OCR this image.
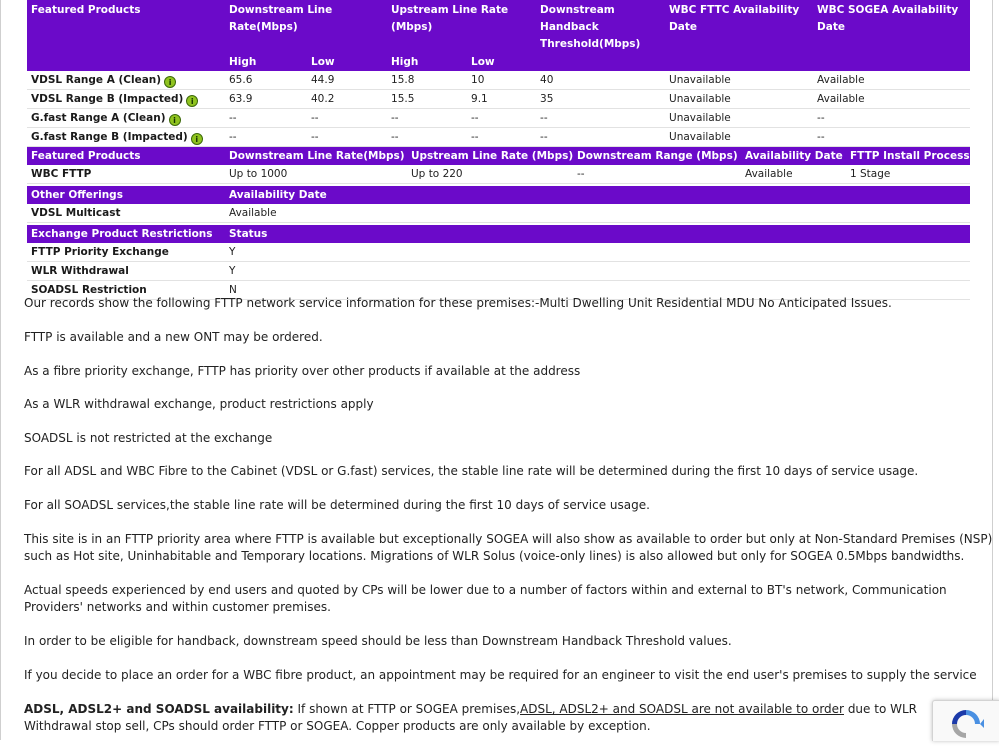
Featured Products	Downstream Line Rate(Mbps)		Upstream Line Rate (Mbps)		Downstream Handback Threshold(Mbps)	WBC FTTC Availability Date	WBC SOGEA Availability Date
	High	Low	High	Low			
VDSL Range A (Clean) i	65.6	44.9	15.8	10	40	Unavailable	Available
VDSL Range B (Impacted) i	63.9	40.2	15.5	9.1	35	Unavailable	Available
G.fast Range A (Clean) i	--	--	--	--	--	Unavailable	--
G.fast Range B (Impacted) i	--	--	--	--	--	Unavailable	--
Featured Products	Downstream Line Rate(Mbps)	Upstream Line Rate (Mbps)	Downstream Range (Mbps)	Availability Date	FTTP Install Process
WBC FTTP	Up to 1000	Up to 220	--	Available	1 Stage
Other Offerings	Availability Date
VDSL Multicast	Available
Exchange Product Restrictions	Status
FTTP Priority Exchange	Y
WLR Withdrawal	Y
SOADSL Restriction	N

Our records show the following FTTP network service information for these premises:-Multi Dwelling Unit Residential MDU No Anticipated Issues.

FTTP is available and a new ONT may be ordered.

As a fibre priority exchange, FTTP has priority over other products if available at the address

As a WLR withdrawal exchange, product restrictions apply

SOADSL is not restricted at the exchange

For all ADSL and WBC Fibre to the Cabinet (VDSL or G.fast) services, the stable line rate will be determined during the first 10 days of service usage.

For all SOADSL services,the stable line rate will be determined during the first 10 days of service usage.

This site is in an FTTP priority area where FTTP is available but exceptionally SOGEA will also show as available to order but only at Non-Standard Premises (NSP) such as Hot site, Uninhabitable and Temporary locations. Migrations of WLR Solus (voice-only lines) is also allowed but only for SOGEA 0.5Mbps bandwidths.

Actual speeds experienced by end users and quoted by CPs will be lower due to a number of factors within and external to BT's network, Communication Providers' networks and within customer premises.

In order to be eligible for handback, downstream speed should be less than Downstream Handback Threshold values.

If you decide to place an order for a WBC fibre product, an appointment may be required for an engineer to visit the end user's premises to supply the service

ADSL, ADSL2+ and SOADSL availability: If shown at FTTP or SOGEA premises,ADSL, ADSL2+ and SOADSL are not available to order due to WLR Withdrawal stop sell, CPs should order FTTP or SOGEA. Copper products are only available by exception.
